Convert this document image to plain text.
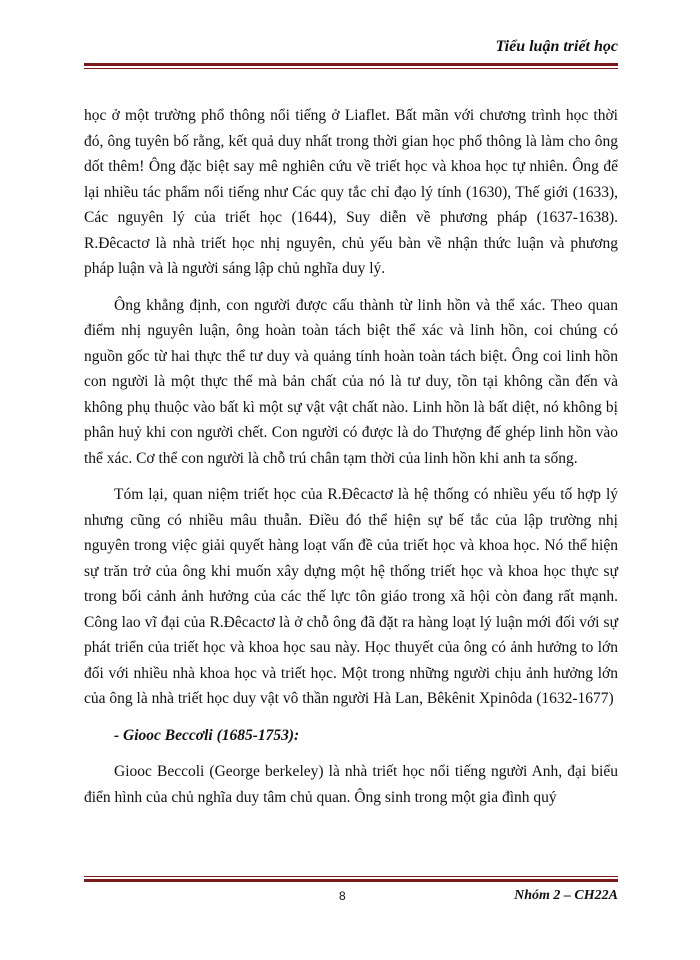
Tiểu luận triết học

học ở một trường phổ thông nổi tiếng ở Liaflet. Bất mãn với chương trình học thời đó, ông tuyên bố rằng, kết quả duy nhất trong thời gian học phổ thông là làm cho ông dốt thêm! Ông đặc biệt say mê nghiên cứu về triết học và khoa học tự nhiên. Ông để lại nhiều tác phẩm nổi tiếng như Các quy tắc chỉ đạo lý tính (1630), Thế giới (1633), Các nguyên lý của triết học (1644), Suy diễn về phương pháp (1637-1638). R.Đêcactơ là nhà triết học nhị nguyên, chủ yếu bàn về nhận thức luận và phương pháp luận và là người sáng lập chủ nghĩa duy lý.

Ông khẳng định, con người được cấu thành từ linh hồn và thể xác. Theo quan điểm nhị nguyên luận, ông hoàn toàn tách biệt thể xác và linh hồn, coi chúng có nguồn gốc từ hai thực thể tư duy và quảng tính hoàn toàn tách biệt. Ông coi linh hồn con người là một thực thể mà bản chất của nó là tư duy, tồn tại không cần đến và không phụ thuộc vào bất kì một sự vật vật chất nào. Linh hồn là bất diệt, nó không bị phân huỷ khi con người chết. Con người có được là do Thượng đế ghép linh hồn vào thể xác. Cơ thể con người là chỗ trú chân tạm thời của linh hồn khi anh ta sống.

Tóm lại, quan niệm triết học của R.Đêcactơ là hệ thống có nhiều yếu tố hợp lý nhưng cũng có nhiều mâu thuẫn. Điều đó thể hiện sự bế tắc của lập trường nhị nguyên trong việc giải quyết hàng loạt vấn đề của triết học và khoa học. Nó thể hiện sự trăn trở của ông khi muốn xây dựng một hệ thống triết học và khoa học thực sự trong bối cảnh ảnh hưởng của các thế lực tôn giáo trong xã hội còn đang rất mạnh. Công lao vĩ đại của R.Đêcactơ là ở chỗ ông đã đặt ra hàng loạt lý luận mới đối với sự phát triển của triết học và khoa học sau này. Học thuyết của ông có ảnh hưởng to lớn đối với nhiều nhà khoa học và triết học. Một trong những người chịu ảnh hưởng lớn của ông là nhà triết học duy vật vô thần người Hà Lan, Bêkênit Xpinôda (1632-1677)

- Giooc Beccơli (1685-1753):

Giooc Beccoli (George berkeley) là nhà triết học nổi tiếng người Anh, đại biểu điển hình của chủ nghĩa duy tâm chủ quan. Ông sinh trong một gia đình quý

8	Nhóm 2 – CH22A
